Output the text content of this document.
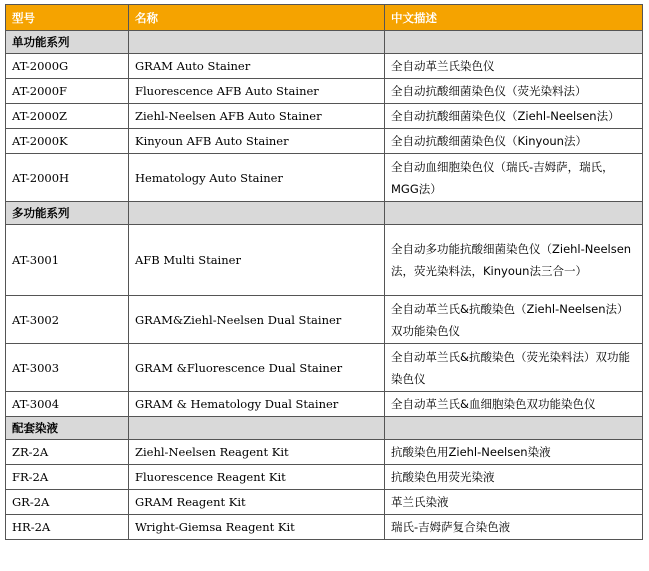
型号	名称	中文描述
单功能系列		
AT-2000G	GRAM Auto Stainer	全自动革兰氏染色仪
AT-2000F	Fluorescence AFB Auto Stainer	全自动抗酸细菌染色仪（荧光染料法）
AT-2000Z	Ziehl-Neelsen AFB Auto Stainer	全自动抗酸细菌染色仪（Ziehl-Neelsen法）
AT-2000K	Kinyoun AFB Auto Stainer	全自动抗酸细菌染色仪（Kinyoun法）
AT-2000H	Hematology Auto Stainer	全自动血细胞染色仪（瑞氏-吉姆萨，瑞氏，MGG法）
多功能系列		
AT-3001	AFB Multi Stainer	全自动多功能抗酸细菌染色仪（Ziehl-Neelsen法，荧光染料法，Kinyoun法三合一）
AT-3002	GRAM&Ziehl-Neelsen Dual Stainer	全自动革兰氏&抗酸染色（Ziehl-Neelsen法）双功能染色仪
AT-3003	GRAM &Fluorescence Dual Stainer	全自动革兰氏&抗酸染色（荧光染料法）双功能染色仪
AT-3004	GRAM & Hematology Dual Stainer	全自动革兰氏&血细胞染色双功能染色仪
配套染液		
ZR-2A	Ziehl-Neelsen Reagent Kit	抗酸染色用Ziehl-Neelsen染液
FR-2A	Fluorescence Reagent Kit	抗酸染色用荧光染液
GR-2A	GRAM Reagent Kit	革兰氏染液
HR-2A	Wright-Giemsa Reagent Kit	瑞氏-吉姆萨复合染色液
